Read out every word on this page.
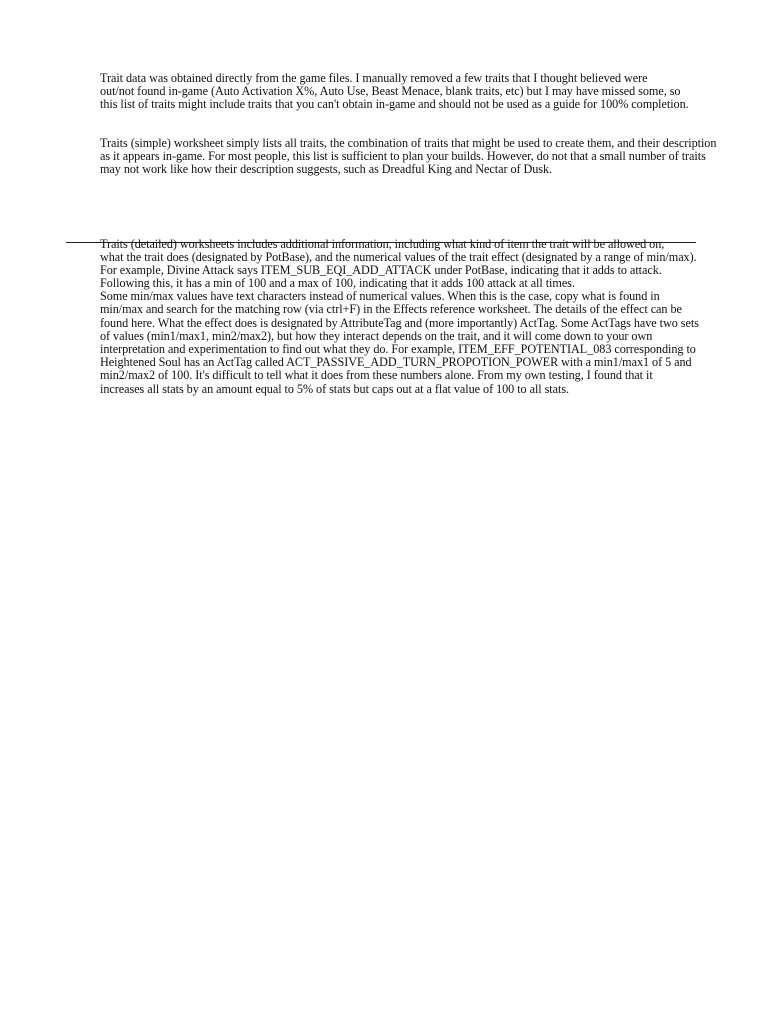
Trait data was obtained directly from the game files. I manually removed a few traits that I thought believed were
out/not found in-game (Auto Activation X%, Auto Use, Beast Menace, blank traits, etc) but I may have missed some, so
this list of traits might include traits that you can't obtain in-game and should not be used as a guide for 100% completion.
Traits (simple) worksheet simply lists all traits, the combination of traits that might be used to create them, and their description
as it appears in-game. For most people, this list is sufficient to plan your builds. However, do not that a small number of traits
may not work like how their description suggests, such as Dreadful King and Nectar of Dusk.
Traits (detailed) worksheets includes additional information, including what kind of item the trait will be allowed on,
what the trait does (designated by PotBase), and the numerical values of the trait effect (designated by a range of min/max).
For example, Divine Attack says ITEM_SUB_EQI_ADD_ATTACK under PotBase, indicating that it adds to attack.
Following this, it has a min of 100 and a max of 100, indicating that it adds 100 attack at all times.
Some min/max values have text characters instead of numerical values. When this is the case, copy what is found in
min/max and search for the matching row (via ctrl+F) in the Effects reference worksheet. The details of the effect can be
found here. What the effect does is designated by AttributeTag and (more importantly) ActTag. Some ActTags have two sets
of values (min1/max1, min2/max2), but how they interact depends on the trait, and it will come down to your own
interpretation and experimentation to find out what they do. For example, ITEM_EFF_POTENTIAL_083 corresponding to
Heightened Soul has an ActTag called ACT_PASSIVE_ADD_TURN_PROPOTION_POWER with a min1/max1 of 5 and
min2/max2 of 100. It's difficult to tell what it does from these numbers alone. From my own testing, I found that it
increases all stats by an amount equal to 5% of stats but caps out at a flat value of 100 to all stats.
